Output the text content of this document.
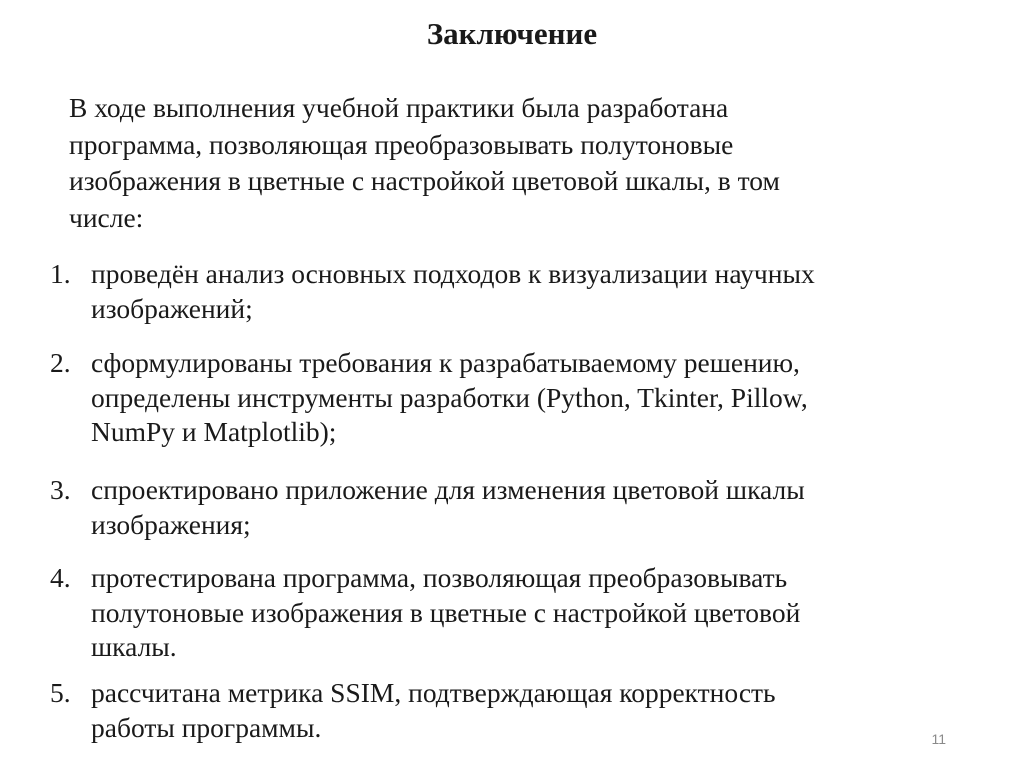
Заключение
В ходе выполнения учебной практики была разработана
программа, позволяющая преобразовывать полутоновые
изображения в цветные с настройкой цветовой шкалы, в том
числе:
1. проведён анализ основных подходов к визуализации научных
изображений;
2. сформулированы требования к разрабатываемому решению,
определены инструменты разработки (Python, Tkinter, Pillow,
NumPy и Matplotlib);
3. спроектировано приложение для изменения цветовой шкалы
изображения;
4. протестирована программа, позволяющая преобразовывать
полутоновые изображения в цветные с настройкой цветовой
шкалы.
5. рассчитана метрика SSIM, подтверждающая корректность
работы программы.	11
